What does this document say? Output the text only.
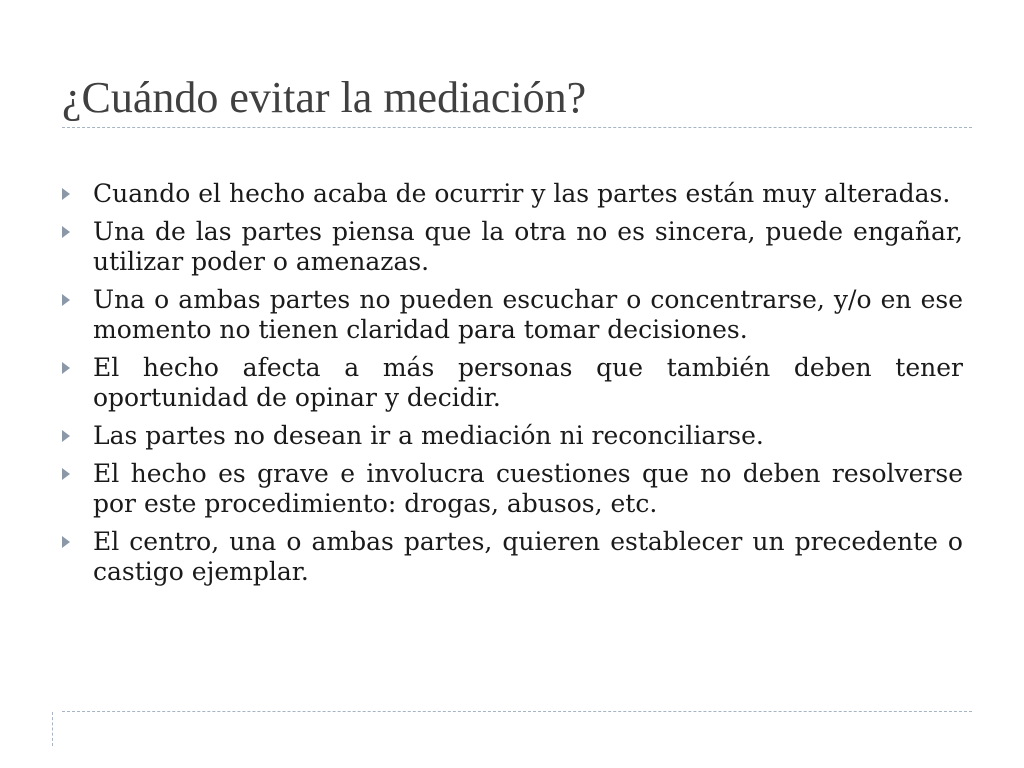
¿Cuándo evitar la mediación?
Cuando el hecho acaba de ocurrir y las partes están muy alteradas.
Una de las partes piensa que la otra no es sincera, puede engañar, utilizar poder o amenazas.
Una o ambas partes no pueden escuchar o concentrarse, y/o en ese momento no tienen claridad para tomar decisiones.
El hecho afecta a más personas que también deben tener oportunidad de opinar y decidir.
Las partes no desean ir a mediación ni reconciliarse.
El hecho es grave e involucra cuestiones que no deben resolverse por este procedimiento: drogas, abusos, etc.
El centro, una o ambas partes, quieren establecer un precedente o castigo ejemplar.
